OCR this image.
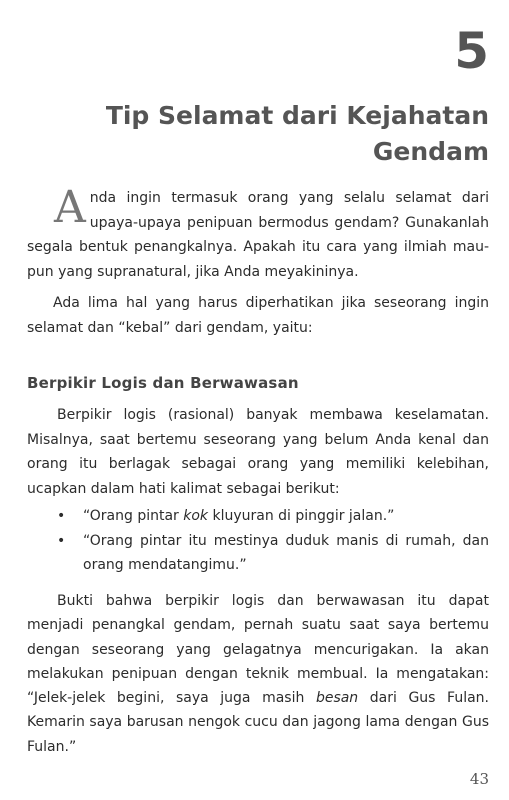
5
Tip Selamat dari Kejahatan Gendam
Anda ingin termasuk orang yang selalu selamat dari upaya-upaya penipuan bermodus gendam? Gunakanlah segala bentuk penangkalnya. Apakah itu cara yang ilmiah mau-pun yang supranatural, jika Anda meyakininya.
Ada lima hal yang harus diperhatikan jika seseorang ingin selamat dan “kebal” dari gendam, yaitu:
Berpikir Logis dan Berwawasan
Berpikir logis (rasional) banyak membawa keselamatan. Misalnya, saat bertemu seseorang yang belum Anda kenal dan orang itu berlagak sebagai orang yang memiliki kelebihan, ucapkan dalam hati kalimat sebagai berikut:
• “Orang pintar kok kluyuran di pinggir jalan.”
• “Orang pintar itu mestinya duduk manis di rumah, dan orang mendatangimu.”
Bukti bahwa berpikir logis dan berwawasan itu dapat menjadi penangkal gendam, pernah suatu saat saya bertemu dengan seseorang yang gelagatnya mencurigakan. Ia akan melakukan penipuan dengan teknik membual. Ia mengatakan: “Jelek-jelek begini, saya juga masih besan dari Gus Fulan. Kemarin saya barusan nengok cucu dan jagong lama dengan Gus Fulan.”
43
